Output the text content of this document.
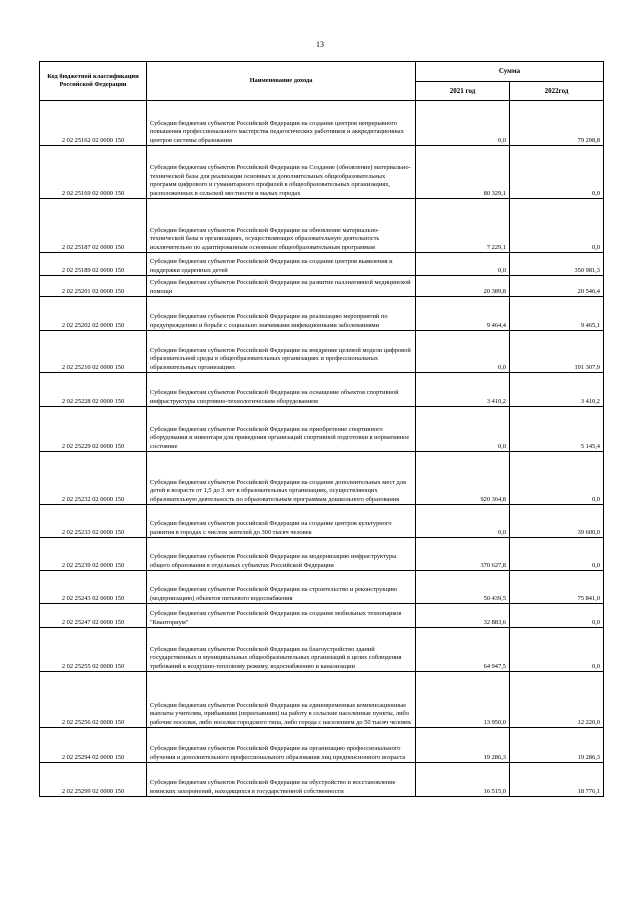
13
Код бюджетной классификации Российской Федерации	Наименование дохода	Сумма	
		2021 год	2022год
2 02 25162 02 0000 150	Субсидии бюджетам субъектов Российской Федерации на создание центров непрерывного повышения профессионального мастерства педагогических работников и аккредитационных центров системы образования	0,0	79 298,8
2 02 25169 02 0000 150	Субсидии бюджетам субъектов Российской Федерации на Создание (обновление) материально-технической базы для реализации основных и дополнительных общеобразовательных программ цифрового и гуманитарного профилей в общеобразовательных организациях, расположенных в сельской местности и малых городах	80 329,1	0,0
2 02 25187 02 0000 150	Субсидии бюджетам субъектов Российской Федерации на обновление материально-технической базы в организациях, осуществляющих образовательную деятельность исключительно по адаптированным основным общеобразовательным программам	7 229,1	0,0
2 02 25189 02 0000 150	Субсидии бюджетам субъектов Российской Федерации на создание центров выявления и поддержки одаренных детей	0,0	350 981,3
2 02 25201 02 0000 150	Субсидии бюджетам субъектов Российской Федерации на развитие паллиативной медицинской помощи	20 389,8	20 546,4
2 02 25202 02 0000 150	Субсидии бюджетам субъектов Российской Федерации на реализацию мероприятий по предупреждению и борьбе с социально значимыми инфекционными заболеваниями	9 464,4	9 465,1
2 02 25210 02 0000 150	Субсидии бюджетам субъектов Российской Федерации на внедрение целевой модели цифровой образовательной среды в общеобразовательных организациях и профессиональных образовательных организациях	0,0	191 307,9
2 02 25228 02 0000 150	Субсидии бюджетам субъектов Российской Федерации на оснащение объектов спортивной инфраструктуры спортивно-технологическим оборудованием	3 410,2	3 410,2
2 02 25229 02 0000 150	Субсидии бюджетам субъектов Российской Федерации на приобретение спортивного оборудования и инвентаря для приведения организаций спортивной подготовки в нормативное состояние	0,0	5 145,4
2 02 25232 02 0000 150	Субсидии бюджетам субъектов Российской Федерации на создание дополнительных мест для детей в возрасте от 1,5 до 3 лет в образовательных организациях, осуществляющих образовательную деятельность по образовательным программам дошкольного образования	920 364,8	0,0
2 02 25233 02 0000 150	Субсидии бюджетам субъектов российской Федерации на создание центров культурного развития в городах с числом жителей до 300 тысяч человек	0,0	39 600,0
2 02 25239 02 0000 150	Субсидии бюджетам субъектов Российской Федерации на модернизацию инфраструктуры общего образования в отдельных субъектах Российской Федерации	370 627,8	0,0
2 02 25243 02 0000 150	Субсидии бюджетам субъектов Российской Федерации на строительство и реконструкцию (модернизацию) объектов питьевого водоснабжения	50 439,5	75 841,0
2 02 25247 02 0000 150	Субсидии бюджетам субъектов Российской Федерации на создание мобильных технопарков "Кванториум"	32 883,6	0,0
2 02 25255 02 0000 150	Субсидии бюджетам субъектов Российской Федерации на благоустройство зданий государственных и муниципальных общеобразовательных организаций в целях соблюдения требований к воздушно-тепловому режиму, водоснабжению и канализации	64 947,5	0,0
2 02 25256 02 0000 150	Субсидии бюджетам субъектов Российской Федерации на единовременные компенсационные выплаты учителям, прибывшим (переехавшим) на работу в сельские населенные пункты, либо рабочие поселки, либо поселки городского типа, либо города с населением до 50 тысяч человек	13 950,0	12 220,0
2 02 25294 02 0000 150	Субсидии бюджетам субъектов Российской Федерации на организацию профессионального обучения и дополнительного профессионального образования лиц предпенсионного возраста	19 286,3	19 286,3
2 02 25299 02 0000 150	Субсидии бюджетам субъектов Российской Федерации на обустройство и восстановление воинских захоронений, находящихся в государственной собственности	16 515,0	18 776,1
